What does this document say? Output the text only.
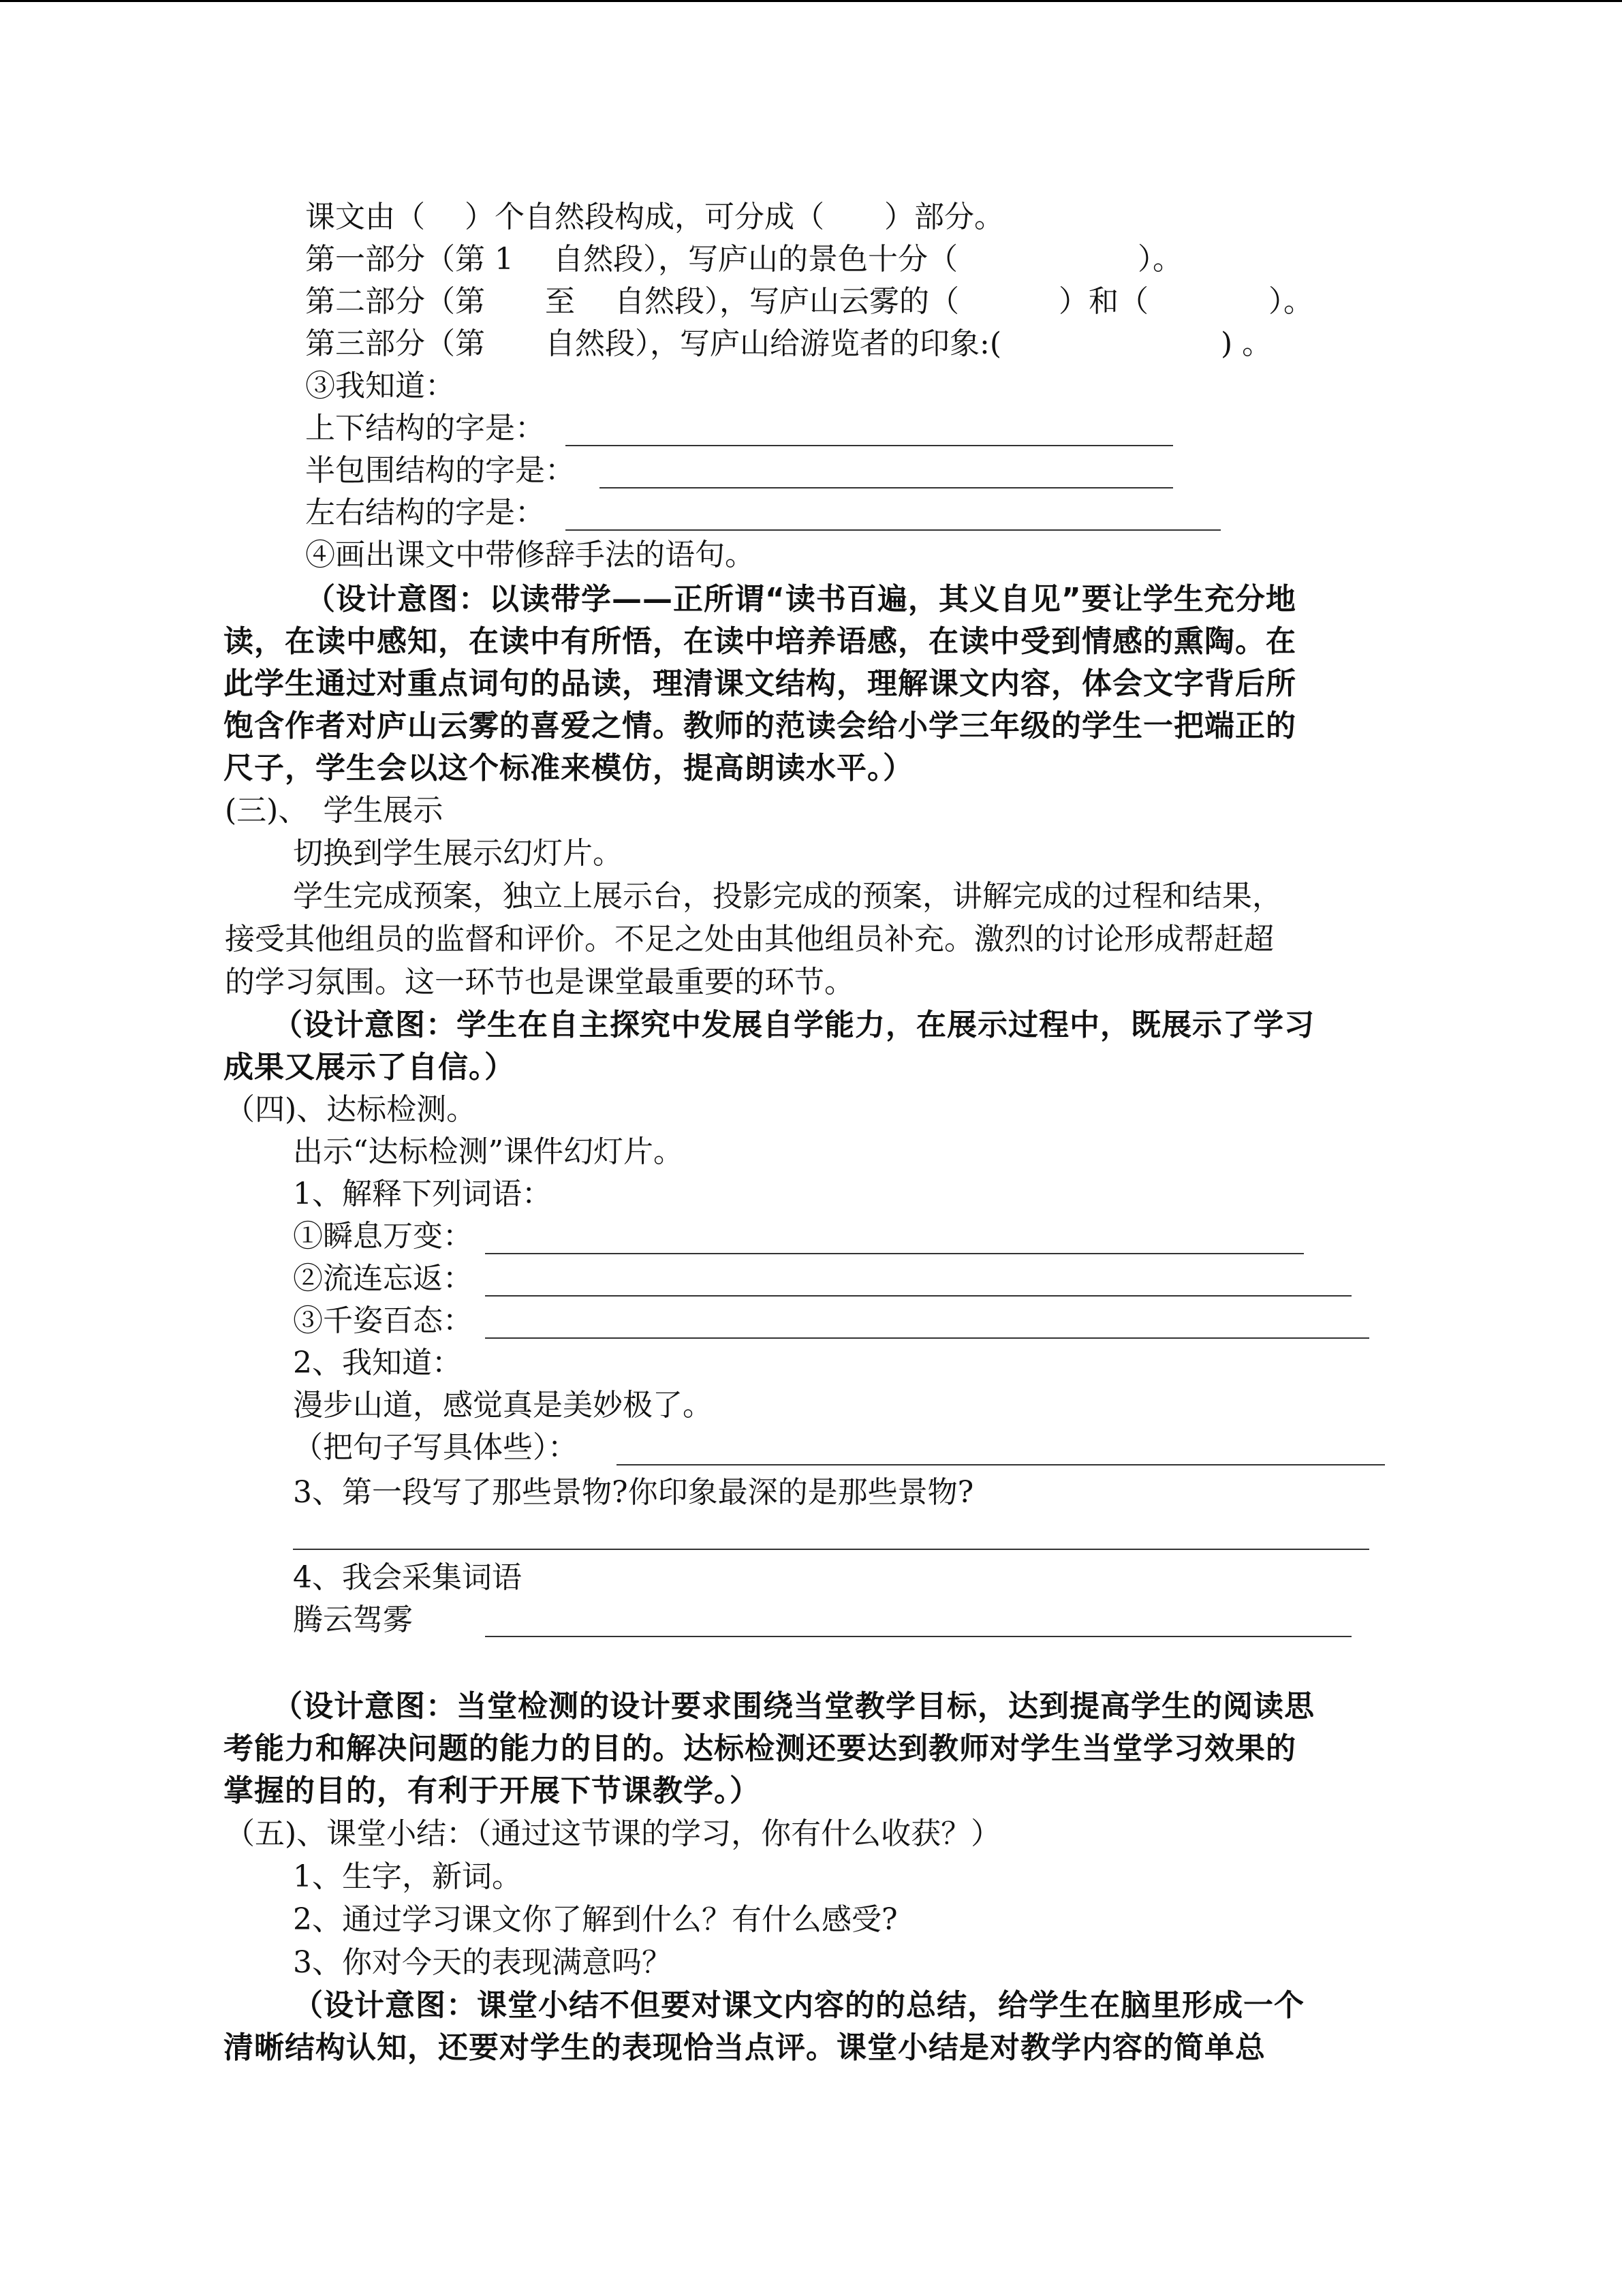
课文由（　 ）个自然段构成，可分成（　　）部分。
第一部分（第 1　 自然段），写庐山的景色十分（　　　　　　）。
第二部分（第　　至　 自然段），写庐山云雾的（　　　 ）和（　　　　）。
第三部分（第　　自然段），写庐山给游览者的印象:(　　　　　　　 ) 。
③我知道：
上下结构的字是：
半包围结构的字是：
左右结构的字是：
④画出课文中带修辞手法的语句。
（设计意图：以读带学——正所谓“读书百遍，其义自见”要让学生充分地
读，在读中感知，在读中有所悟，在读中培养语感，在读中受到情感的熏陶。在
此学生通过对重点词句的品读，理清课文结构，理解课文内容，体会文字背后所
饱含作者对庐山云雾的喜爱之情。教师的范读会给小学三年级的学生一把端正的
尺子，学生会以这个标准来模仿，提高朗读水平。）
(三)、　学生展示
切换到学生展示幻灯片。
学生完成预案，独立上展示台，投影完成的预案，讲解完成的过程和结果，
接受其他组员的监督和评价。不足之处由其他组员补充。激烈的讨论形成帮赶超
的学习氛围。这一环节也是课堂最重要的环节。
（设计意图：学生在自主探究中发展自学能力，在展示过程中，既展示了学习
成果又展示了自信。）
（四)、达标检测。
出示“达标检测”课件幻灯片。
1、解释下列词语：
①瞬息万变：
②流连忘返：
③千姿百态：
2、我知道：
漫步山道，感觉真是美妙极了。
（把句子写具体些）：
3、第一段写了那些景物?你印象最深的是那些景物?
4、我会采集词语
腾云驾雾
（设计意图：当堂检测的设计要求围绕当堂教学目标，达到提高学生的阅读思
考能力和解决问题的能力的目的。达标检测还要达到教师对学生当堂学习效果的
掌握的目的，有利于开展下节课教学。）
（五)、课堂小结：（通过这节课的学习，你有什么收获？）
1、生字，新词。
2、通过学习课文你了解到什么？有什么感受?
3、你对今天的表现满意吗？
（设计意图：课堂小结不但要对课文内容的的总结，给学生在脑里形成一个
清晰结构认知，还要对学生的表现恰当点评。课堂小结是对教学内容的简单总
